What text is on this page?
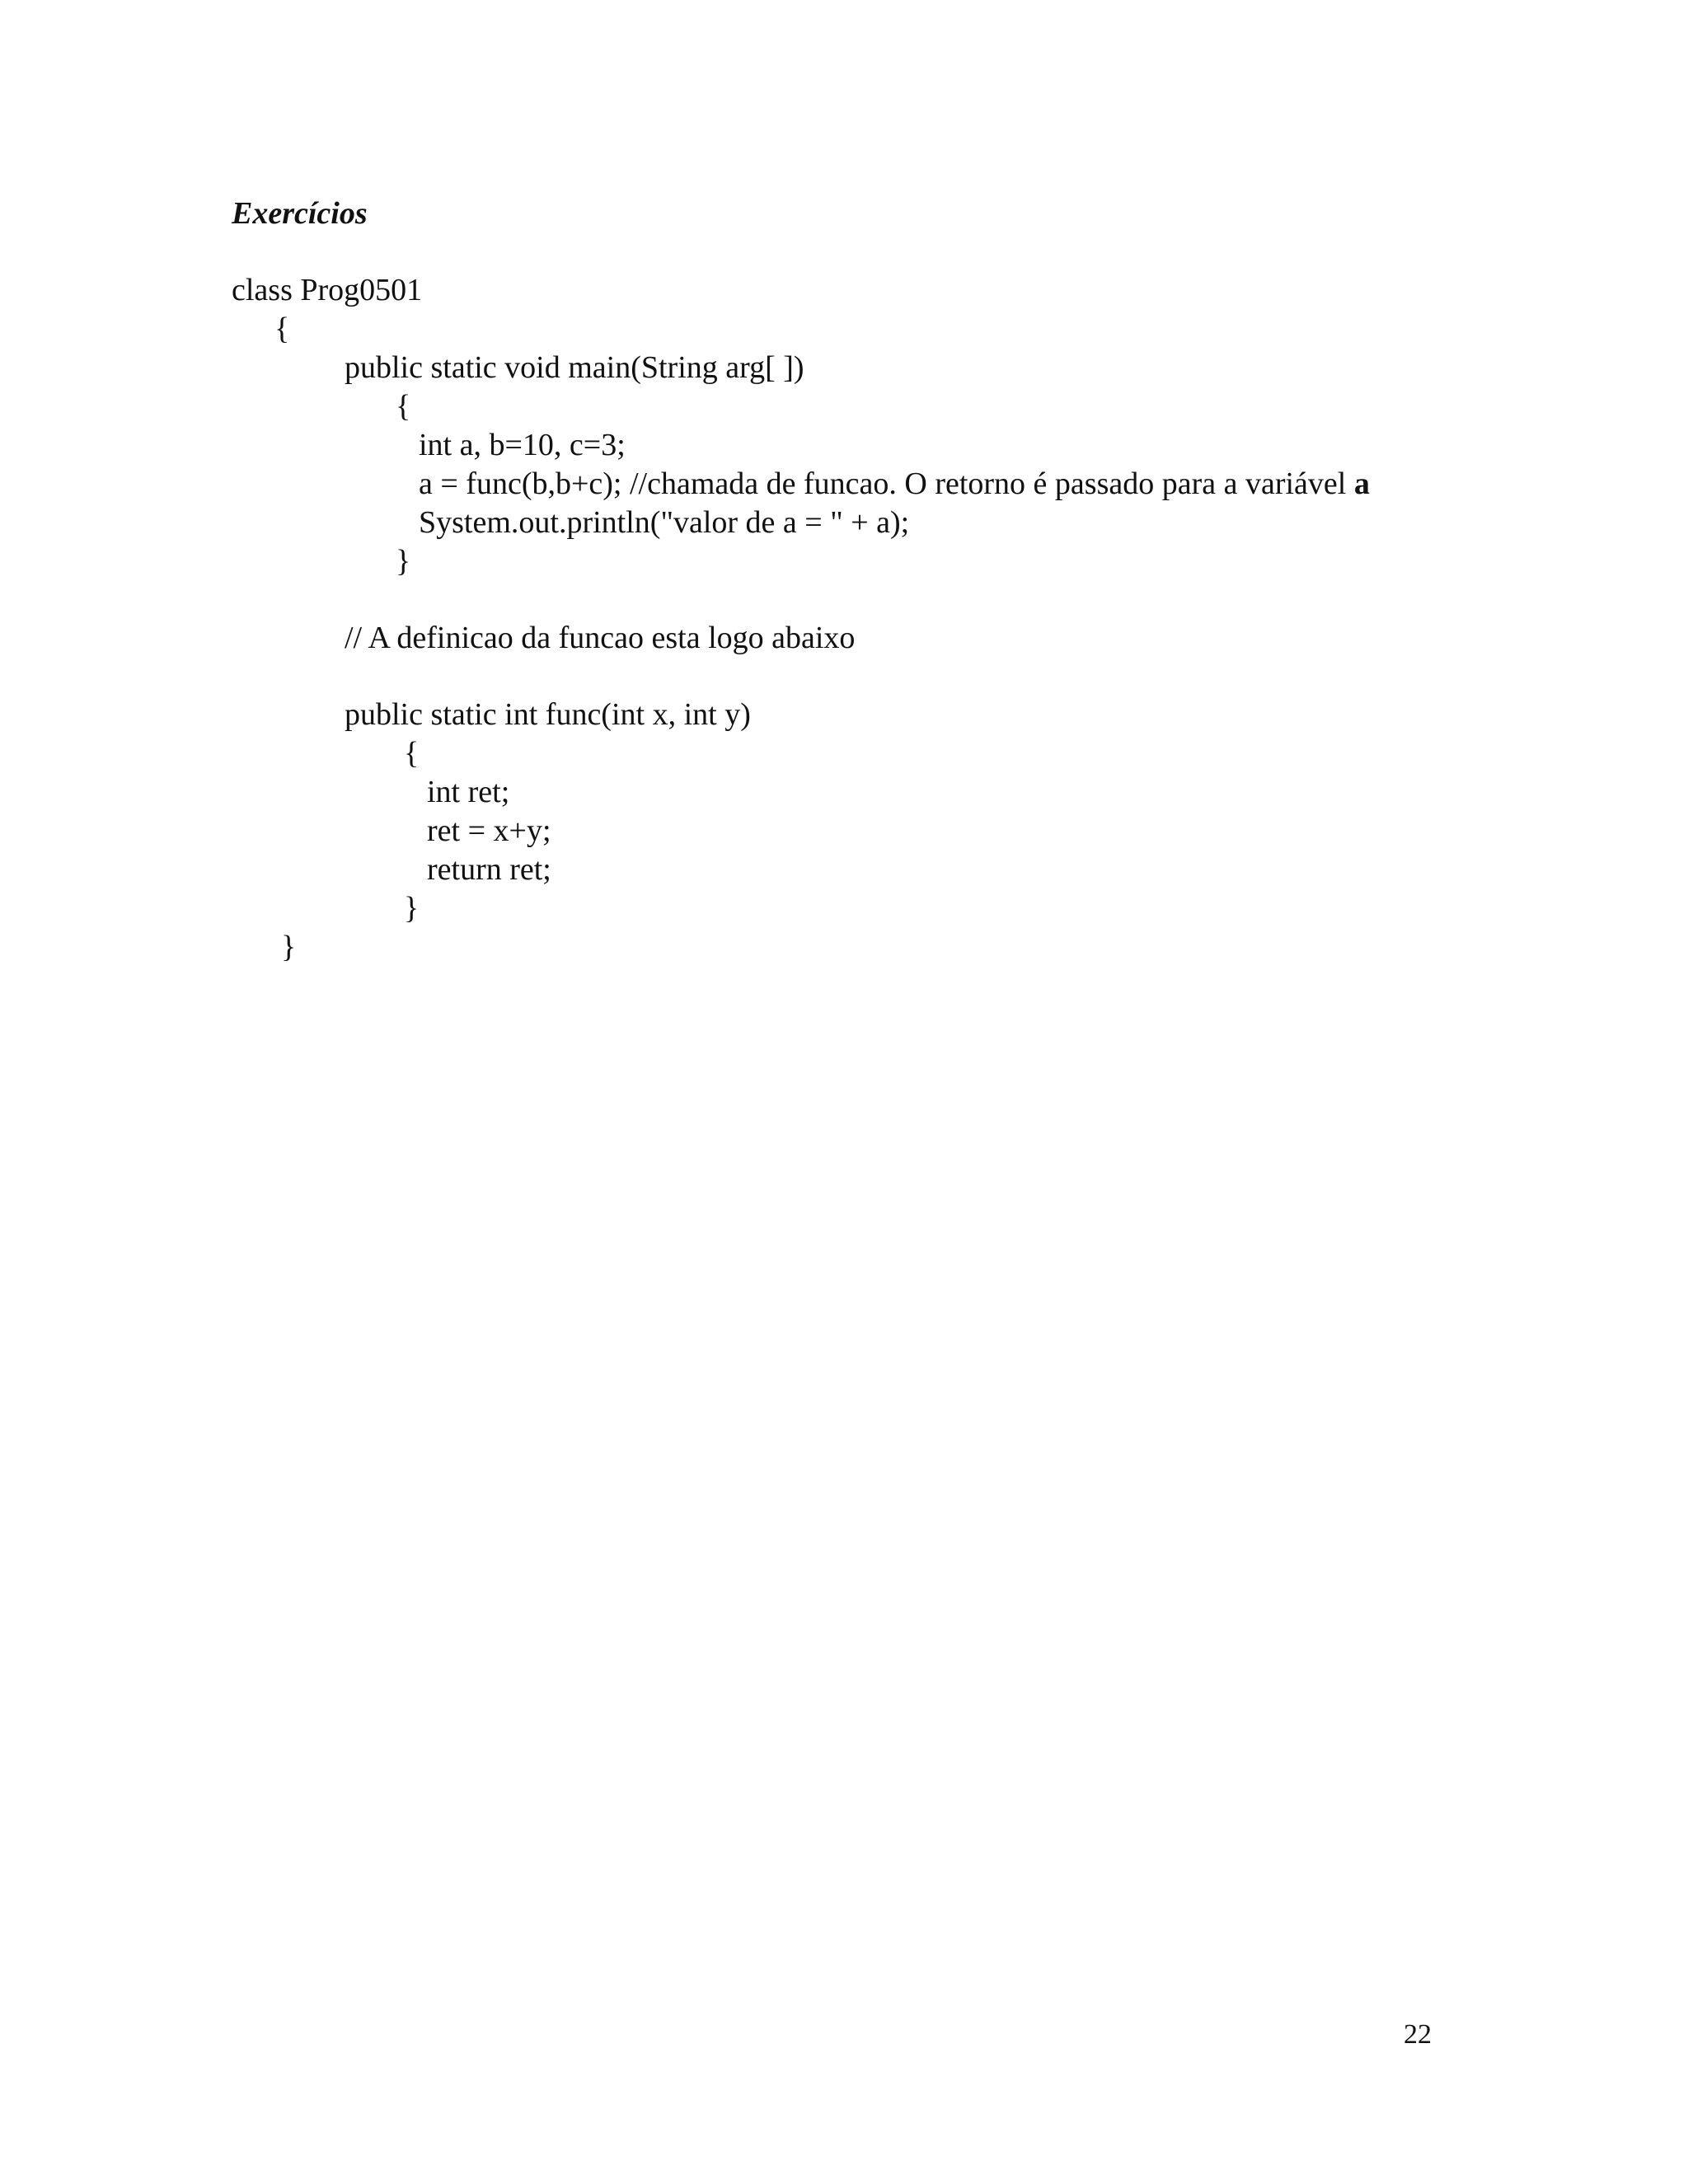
Exercícios

class Prog0501

{

public static void main(String arg[ ])

{

int a, b=10, c=3;

a = func(b,b+c); //chamada de funcao. O retorno é passado para a variável a

System.out.println("valor de a = " + a);

}

// A definicao da funcao esta logo abaixo

public static int func(int x, int y)

{

int ret;

ret = x+y;

return ret;

}

}

22
